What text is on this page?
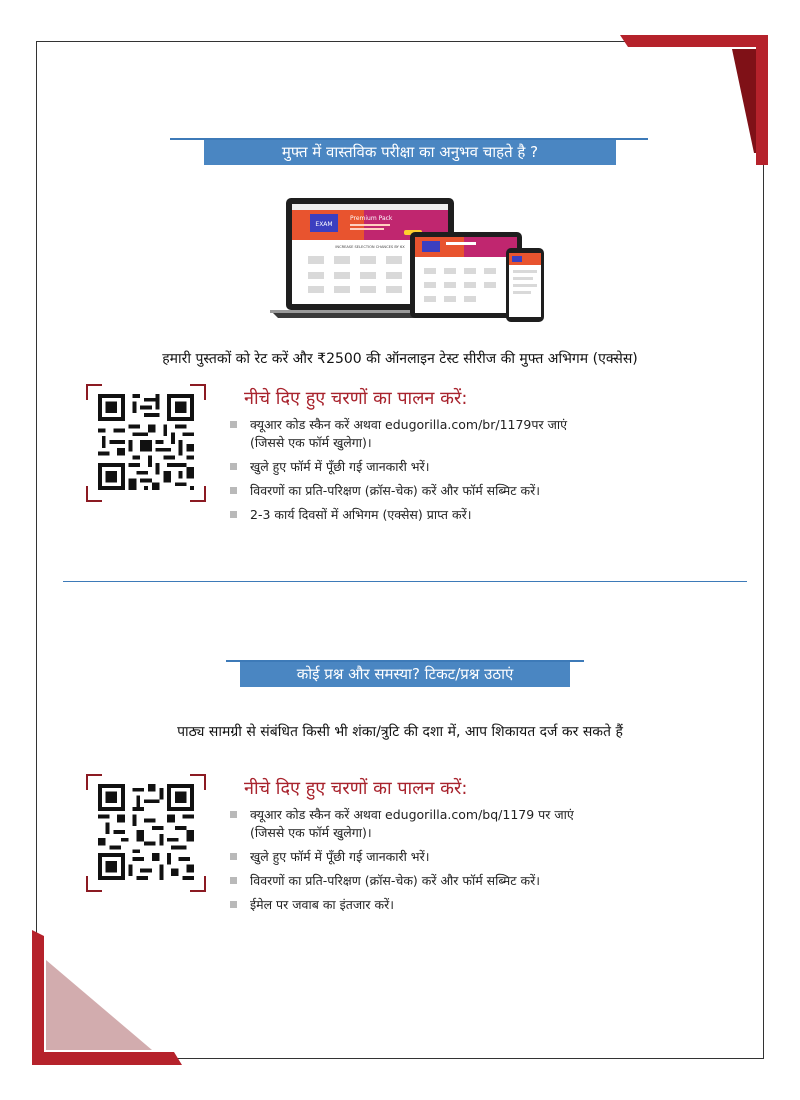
मुफ्त में वास्तविक परीक्षा का अनुभव चाहते है ?
EXAM
Premium Pack
INCREASE SELECTION CHANCES BY 6X
हमारी पुस्तकों को रेट करें और ₹2500 की ऑनलाइन टेस्ट सीरीज की मुफ्त अभिगम (एक्सेस)
नीचे दिए हुए चरणों का पालन करें:
क्यूआर कोड स्कैन करें अथवा edugorilla.com/br/1179पर जाएं
(जिससे एक फॉर्म खुलेगा)।
खुले हुए फॉर्म में पूँछी गई जानकारी भरें।
विवरणों का प्रति-परिक्षण (क्रॉस-चेक) करें और फॉर्म सब्मिट करें।
2-3 कार्य दिवसों में अभिगम (एक्सेस) प्राप्त करें।
कोई प्रश्न और समस्या? टिकट/प्रश्न उठाएं
पाठ्य सामग्री से संबंधित किसी भी शंका/त्रुटि की दशा में, आप शिकायत दर्ज कर सकते हैं
नीचे दिए हुए चरणों का पालन करें:
क्यूआर कोड स्कैन करें अथवा edugorilla.com/bq/1179 पर जाएं
(जिससे एक फॉर्म खुलेगा)।
खुले हुए फॉर्म में पूँछी गई जानकारी भरें।
विवरणों का प्रति-परिक्षण (क्रॉस-चेक) करें और फॉर्म सब्मिट करें।
ईमेल पर जवाब का इंतजार करें।
